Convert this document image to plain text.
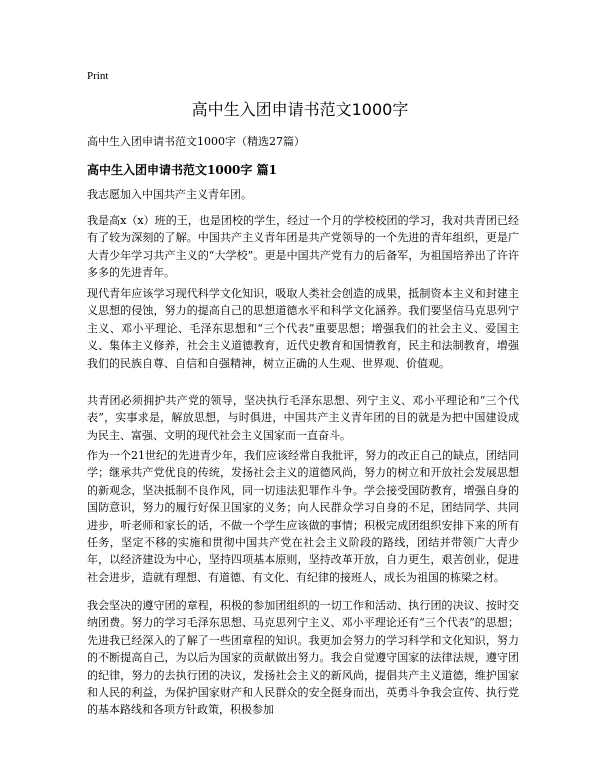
Print
高中生入团申请书范文1000字
高中生入团申请书范文1000字（精选27篇）
高中生入团申请书范文1000字 篇1

我志愿加入中国共产主义青年团。

我是高x（x）班的王，也是团校的学生，经过一个月的学校校团的学习，我对共青团已经有了较为深刻的了解。中国共产主义青年团是共产党领导的一个先进的青年组织，更是广大青少年学习共产主义的“大学校”。更是中国共产党有力的后备军，为祖国培养出了许许多多的先进青年。

现代青年应该学习现代科学文化知识，吸取人类社会创造的成果，抵制资本主义和封建主义思想的侵蚀，努力的提高自己的思想道德水平和科学文化涵养。我们要坚信马克思列宁主义、邓小平理论、毛泽东思想和“三个代表”重要思想；增强我们的社会主义、爱国主义、集体主义修养，社会主义道德教育，近代史教育和国情教育，民主和法制教育，增强我们的民族自尊、自信和自强精神，树立正确的人生观、世界观、价值观。

共青团必须拥护共产党的领导，坚决执行毛泽东思想、列宁主义、邓小平理论和“三个代表”，实事求是，解放思想，与时俱进，中国共产主义青年团的目的就是为把中国建设成为民主、富强、文明的现代社会主义国家而一直奋斗。

作为一个21世纪的先进青少年，我们应该经常自我批评，努力的改正自己的缺点，团结同学；继承共产党优良的传统，发扬社会主义的道德风尚，努力的树立和开放社会发展思想的新观念，坚决抵制不良作风，同一切违法犯罪作斗争。学会接受国防教育，增强自身的国防意识，努力的履行好保卫国家的义务；向人民群众学习自身的不足，团结同学、共同进步，听老师和家长的话，不做一个学生应该做的事情；积极完成团组织安排下来的所有任务，坚定不移的实施和贯彻中国共产党在社会主义阶段的路线，团结并带领广大青少年，以经济建设为中心，坚持四项基本原则，坚持改革开放，自力更生，艰苦创业，促进社会进步，造就有理想、有道德、有文化、有纪律的接班人，成长为祖国的栋梁之材。

我会坚决的遵守团的章程，积极的参加团组织的一切工作和活动、执行团的决议、按时交纳团费。努力的学习毛泽东思想、马克思列宁主义、邓小平理论还有“三个代表”的思想；先进我已经深入的了解了一些团章程的知识。我更加会努力的学习科学和文化知识，努力的不断提高自己，为以后为国家的贡献做出努力。我会自觉遵守国家的法律法规，遵守团的纪律，努力的去执行团的决议，发扬社会主义的新风尚，提倡共产主义道德，维护国家和人民的利益，为保护国家财产和人民群众的安全挺身而出，英勇斗争我会宣传、执行党的基本路线和各项方针政策，积极参加
